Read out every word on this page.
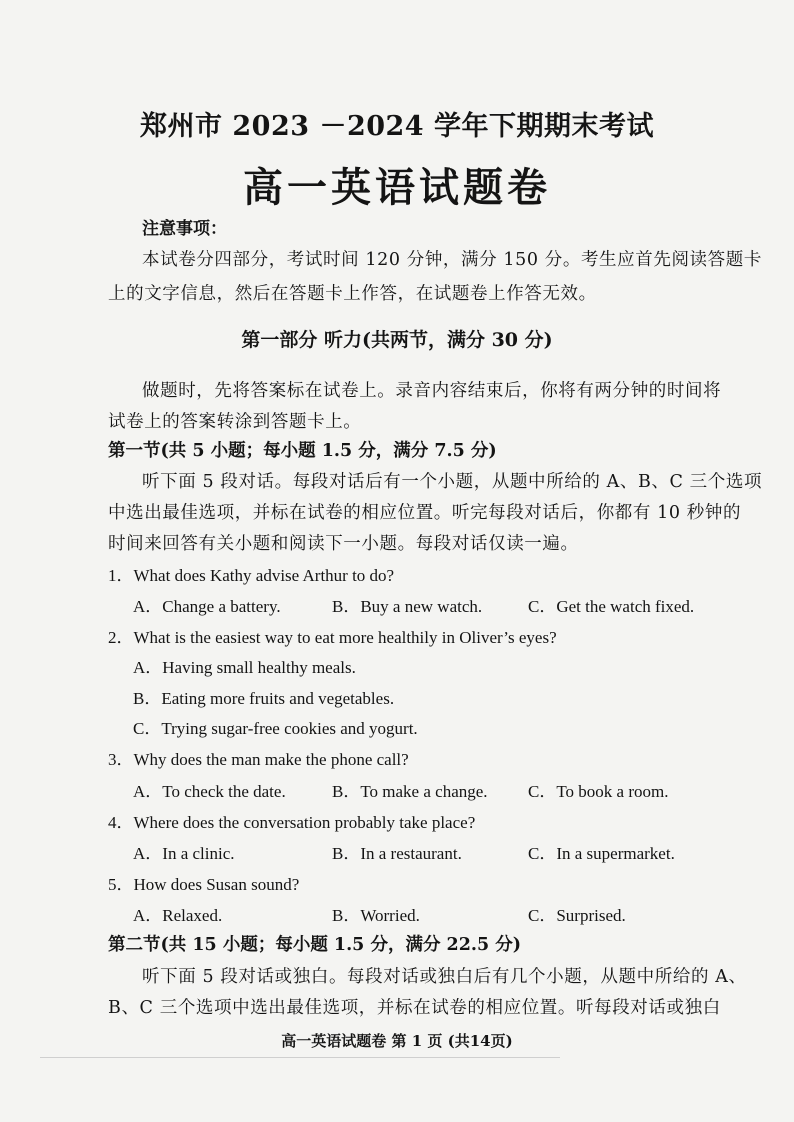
郑州市 2023 －2024 学年下期期末考试
高一英语试题卷
注意事项：
本试卷分四部分，考试时间 120 分钟，满分 150 分。考生应首先阅读答题卡
上的文字信息，然后在答题卡上作答，在试题卷上作答无效。
第一部分 听力(共两节，满分 30 分)
做题时，先将答案标在试卷上。录音内容结束后，你将有两分钟的时间将
试卷上的答案转涂到答题卡上。
第一节(共 5 小题；每小题 1.5 分，满分 7.5 分)
听下面 5 段对话。每段对话后有一个小题，从题中所给的 A、B、C 三个选项
中选出最佳选项，并标在试卷的相应位置。听完每段对话后，你都有 10 秒钟的
时间来回答有关小题和阅读下一小题。每段对话仅读一遍。
1．What does Kathy advise Arthur to do?
A．Change a battery.	B．Buy a new watch.	C．Get the watch fixed.
2．What is the easiest way to eat more healthily in Oliver’s eyes?
A．Having small healthy meals.
B．Eating more fruits and vegetables.
C．Trying sugar-free cookies and yogurt.
3．Why does the man make the phone call?
A．To check the date.	B．To make a change. C．To book a room.
4．Where does the conversation probably take place?
A．In a clinic.	B．In a restaurant.	C．In a supermarket.
5．How does Susan sound?
A．Relaxed.	B．Worried.	C．Surprised.
第二节(共 15 小题；每小题 1.5 分，满分 22.5 分)
听下面 5 段对话或独白。每段对话或独白后有几个小题，从题中所给的 A、
B、C 三个选项中选出最佳选项，并标在试卷的相应位置。听每段对话或独白
高一英语试题卷 第 1 页 (共14页)
